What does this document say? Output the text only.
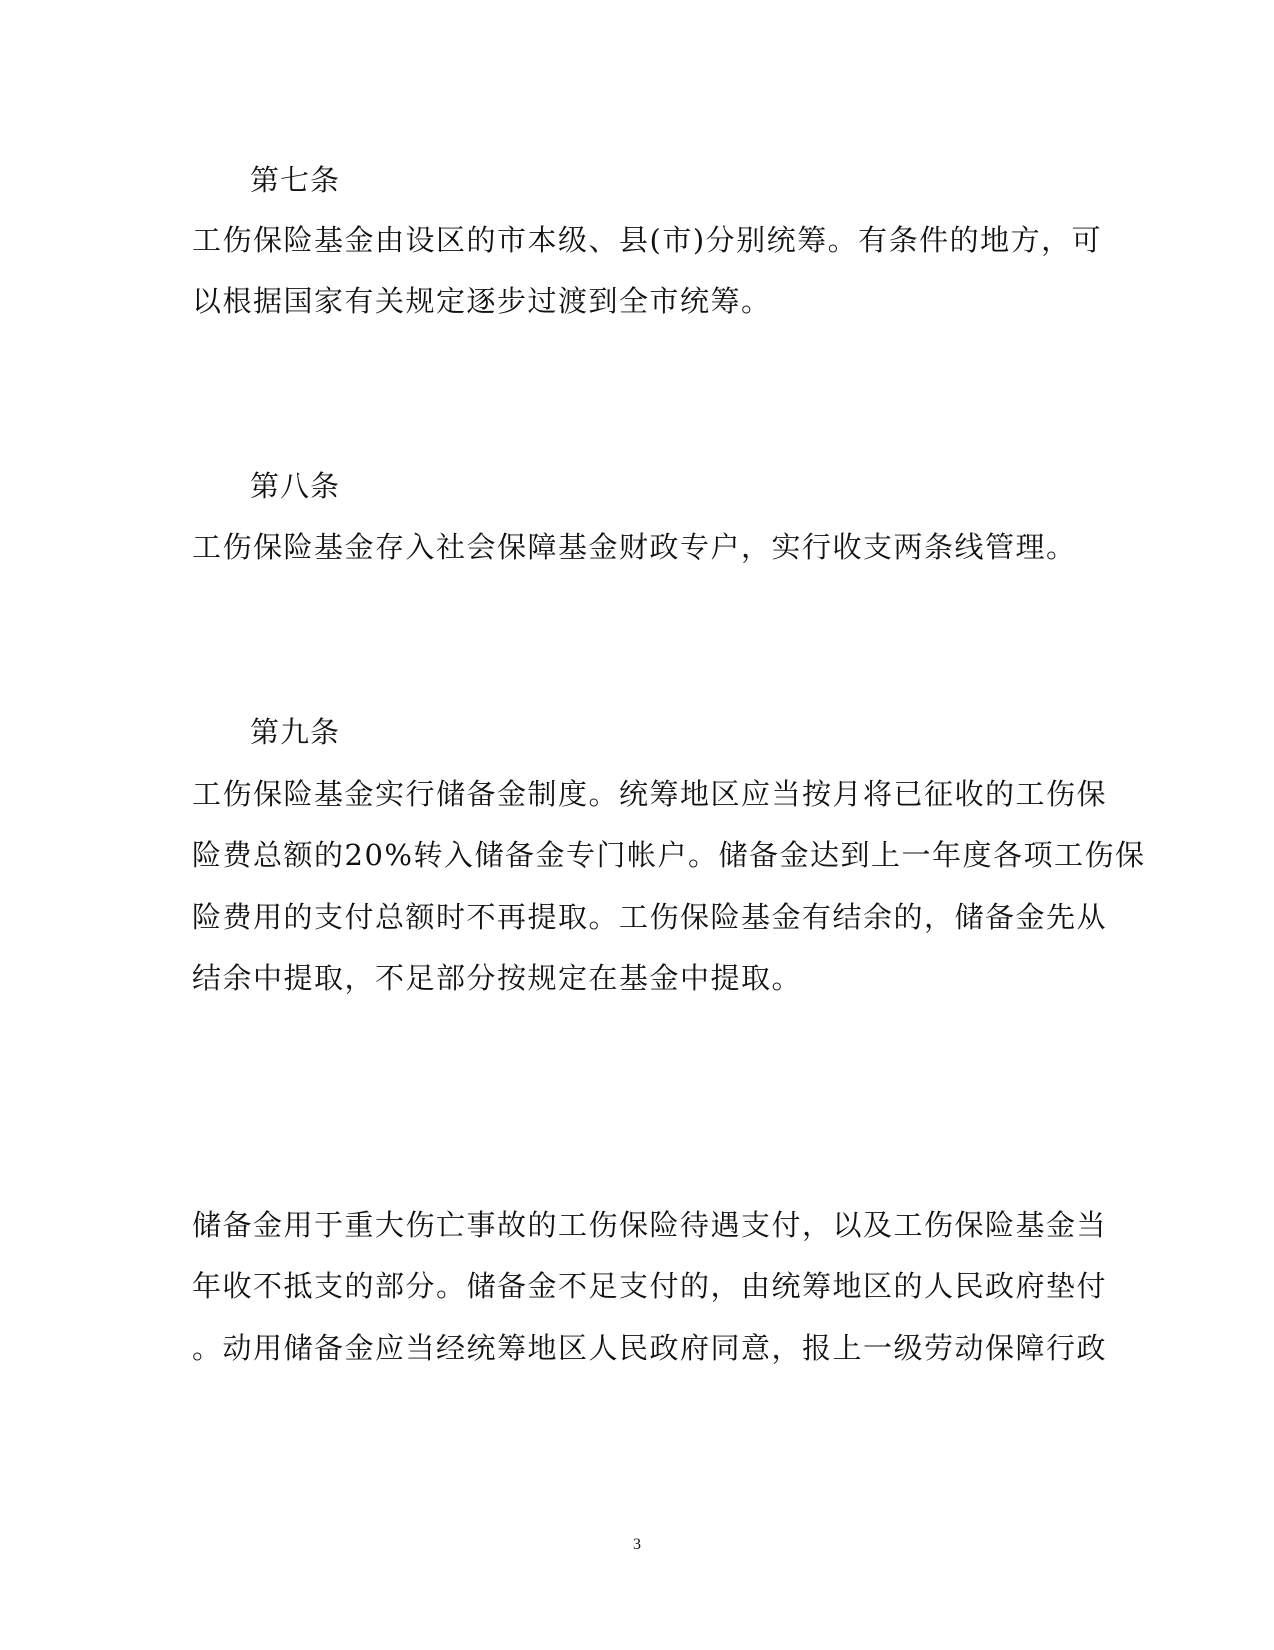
第七条
工伤保险基金由设区的市本级、县(市)分别统筹。有条件的地方，可
以根据国家有关规定逐步过渡到全市统筹。
第八条
工伤保险基金存入社会保障基金财政专户，实行收支两条线管理。
第九条
工伤保险基金实行储备金制度。统筹地区应当按月将已征收的工伤保
险费总额的20%转入储备金专门帐户。储备金达到上一年度各项工伤保
险费用的支付总额时不再提取。工伤保险基金有结余的，储备金先从
结余中提取，不足部分按规定在基金中提取。
储备金用于重大伤亡事故的工伤保险待遇支付，以及工伤保险基金当
年收不抵支的部分。储备金不足支付的，由统筹地区的人民政府垫付
。动用储备金应当经统筹地区人民政府同意，报上一级劳动保障行政
3
